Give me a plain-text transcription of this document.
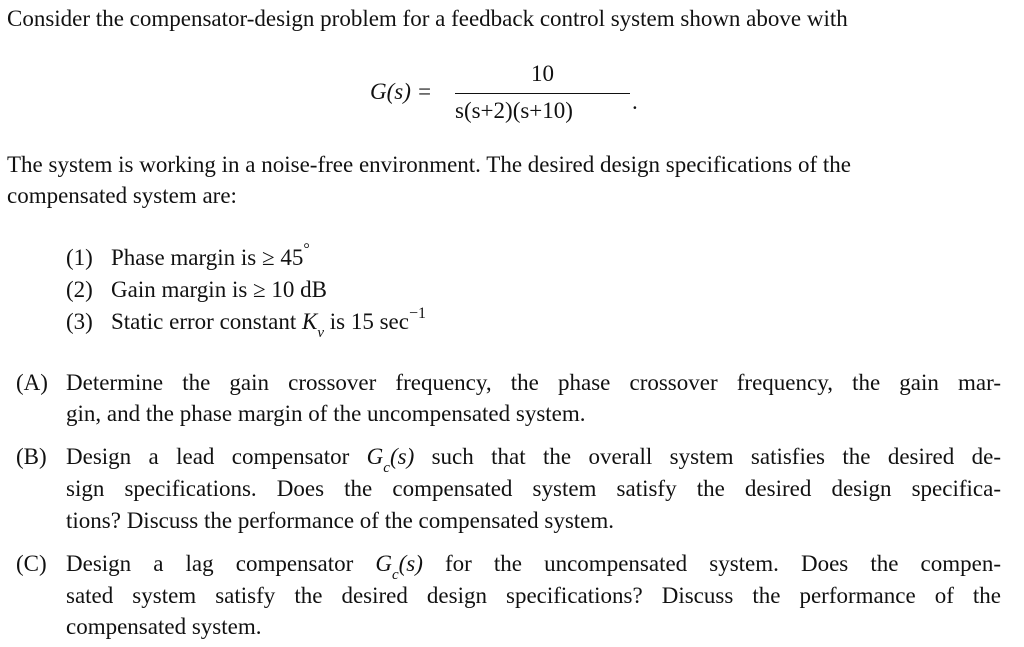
Consider the compensator-design problem for a feedback control system shown above with
G(s) =
10
s(s+2)(s+10)	.
The system is working in a noise-free environment. The desired design specifications of the
compensated system are:
(1) Phase margin is ≥ 45°
(2) Gain margin is ≥ 10 dB
(3) Static error constant $K_v$ is 15 $\sec^{-1}$
(A) Determine the gain crossover frequency, the phase crossover frequency, the gain mar-
gin, and the phase margin of the uncompensated system.
(B) Design a lead compensator $G_c(s)$ such that the overall system satisfies the desired de-
sign specifications. Does the compensated system satisfy the desired design specifica-
tions? Discuss the performance of the compensated system.
(C) Design a lag compensator $G_c(s)$ for the uncompensated system. Does the compen-
sated system satisfy the desired design specifications? Discuss the performance of the
compensated system.
